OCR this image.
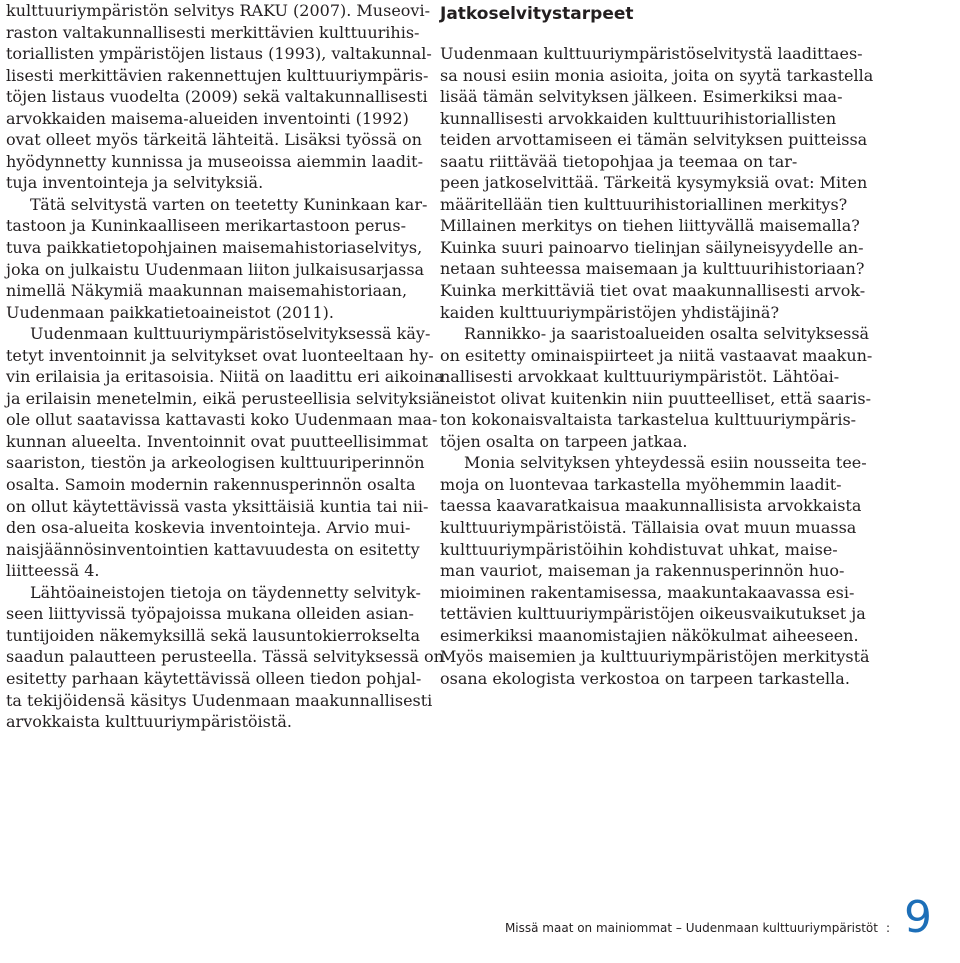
kulttuuriympäristön selvitys RAKU (2007). Museovi-
raston valtakunnallisesti merkittävien kulttuurihis-
toriallisten ympäristöjen listaus (1993), valtakunnal-
lisesti merkittävien rakennettujen kulttuuriympäris-
töjen listaus vuodelta (2009) sekä valtakunnallisesti
arvokkaiden maisema-alueiden inventointi (1992)
ovat olleet myös tärkeitä lähteitä. Lisäksi työssä on
hyödynnetty kunnissa ja museoissa aiemmin laadit-
tuja inventointeja ja selvityksiä.
Tätä selvitystä varten on teetetty Kuninkaan kar-
tastoon ja Kuninkaalliseen merikartastoon perus-
tuva paikkatietopohjainen maisemahistoriaselvitys,
joka on julkaistu Uudenmaan liiton julkaisusarjassa
nimellä Näkymiä maakunnan maisemahistoriaan,
Uudenmaan paikkatietoaineistot (2011).
Uudenmaan kulttuuriympäristöselvityksessä käy-
tetyt inventoinnit ja selvitykset ovat luonteeltaan hy-
vin erilaisia ja eritasoisia. Niitä on laadittu eri aikoina
ja erilaisin menetelmin, eikä perusteellisia selvityksiä
ole ollut saatavissa kattavasti koko Uudenmaan maa-
kunnan alueelta. Inventoinnit ovat puutteellisimmat
saariston, tiestön ja arkeologisen kulttuuriperinnön
osalta. Samoin modernin rakennusperinnön osalta
on ollut käytettävissä vasta yksittäisiä kuntia tai nii-
den osa-alueita koskevia inventointeja. Arvio mui-
naisjäännösinventointien kattavuudesta on esitetty
liitteessä 4.
Lähtöaineistojen tietoja on täydennetty selvityk-
seen liittyvissä työpajoissa mukana olleiden asian-
tuntijoiden näkemyksillä sekä lausuntokierrokselta
saadun palautteen perusteella. Tässä selvityksessä on
esitetty parhaan käytettävissä olleen tiedon pohjal-
ta tekijöidensä käsitys Uudenmaan maakunnallisesti
arvokkaista kulttuuriympäristöistä.
Jatkoselvitystarpeet
Uudenmaan kulttuuriympäristöselvitystä laadittaes-
sa nousi esiin monia asioita, joita on syytä tarkastella
lisää tämän selvityksen jälkeen. Esimerkiksi maa-
kunnallisesti arvokkaiden kulttuurihistoriallisten
teiden arvottamiseen ei tämän selvityksen puitteissa
saatu riittävää tietopohjaa ja teemaa on tar-
peen jatkoselvittää. Tärkeitä kysymyksiä ovat: Miten
määritellään tien kulttuurihistoriallinen merkitys?
Millainen merkitys on tiehen liittyvällä maisemalla?
Kuinka suuri painoarvo tielinjan säilyneisyydelle an-
netaan suhteessa maisemaan ja kulttuurihistoriaan?
Kuinka merkittäviä tiet ovat maakunnallisesti arvok-
kaiden kulttuuriympäristöjen yhdistäjinä?
Rannikko- ja saaristoalueiden osalta selvityksessä
on esitetty ominaispiirteet ja niitä vastaavat maakun-
nallisesti arvokkaat kulttuuriympäristöt. Lähtöai-
neistot olivat kuitenkin niin puutteelliset, että saaris-
ton kokonaisvaltaista tarkastelua kulttuuriympäris-
töjen osalta on tarpeen jatkaa.
Monia selvityksen yhteydessä esiin nousseita tee-
moja on luontevaa tarkastella myöhemmin laadit-
taessa kaavaratkaisua maakunnallisista arvokkaista
kulttuuriympäristöistä. Tällaisia ovat muun muassa
kulttuuriympäristöihin kohdistuvat uhkat, maise-
man vauriot, maiseman ja rakennusperinnön huo-
mioiminen rakentamisessa, maakuntakaavassa esi-
tettävien kulttuuriympäristöjen oikeusvaikutukset ja
esimerkiksi maanomistajien näkökulmat aiheeseen.
Myös maisemien ja kulttuuriympäristöjen merkitystä
osana ekologista verkostoa on tarpeen tarkastella.
Missä maat on mainiommat – Uudenmaan kulttuuriympäristöt : 9
